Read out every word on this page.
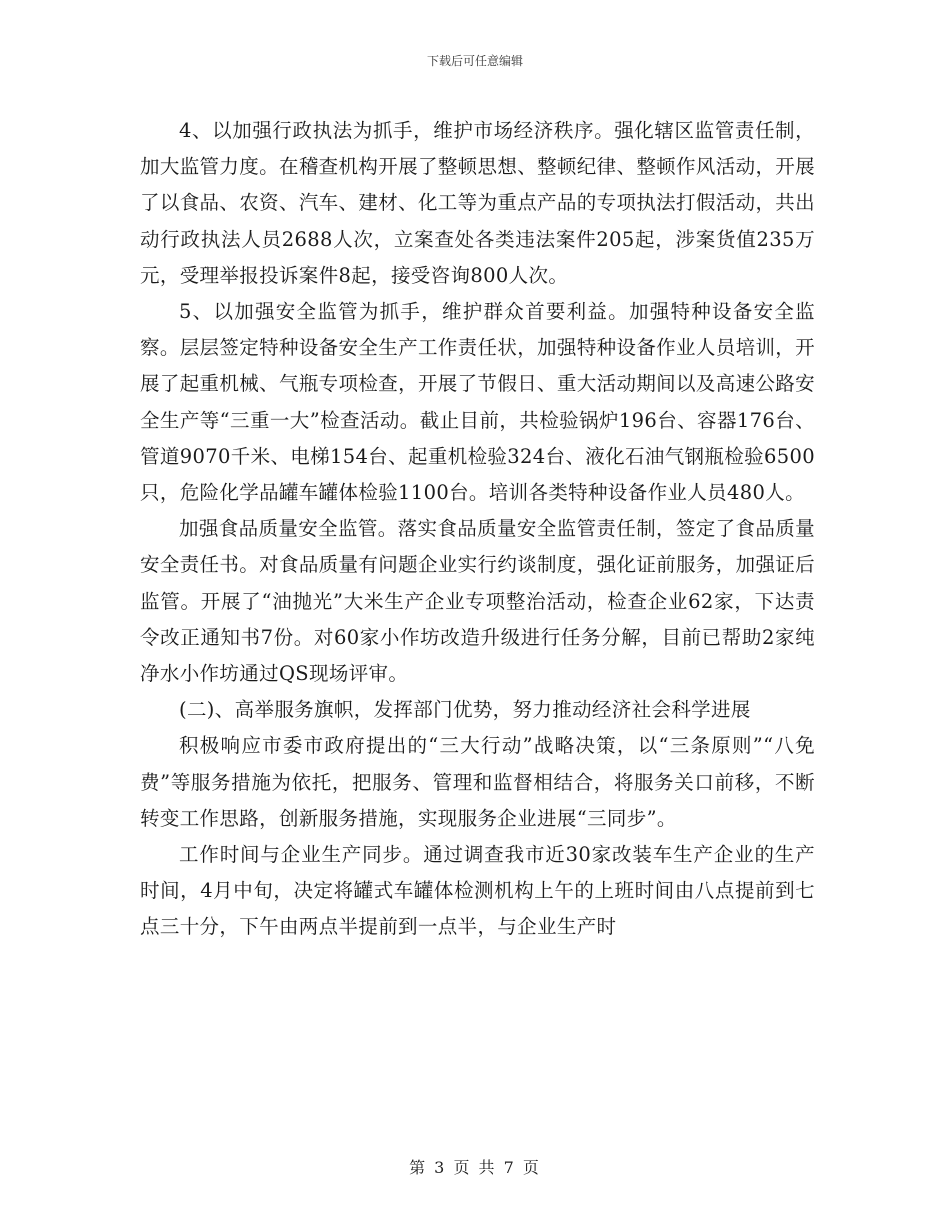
下载后可任意编辑

4、以加强行政执法为抓手，维护市场经济秩序。强化辖区监管责任制，加大监管力度。在稽查机构开展了整顿思想、整顿纪律、整顿作风活动，开展了以食品、农资、汽车、建材、化工等为重点产品的专项执法打假活动，共出动行政执法人员2688人次，立案查处各类违法案件205起，涉案货值235万元，受理举报投诉案件8起，接受咨询800人次。

5、以加强安全监管为抓手，维护群众首要利益。加强特种设备安全监察。层层签定特种设备安全生产工作责任状，加强特种设备作业人员培训，开展了起重机械、气瓶专项检查，开展了节假日、重大活动期间以及高速公路安全生产等“三重一大”检查活动。截止目前，共检验锅炉196台、容器176台、管道9070千米、电梯154台、起重机检验324台、液化石油气钢瓶检验6500只，危险化学品罐车罐体检验1100台。培训各类特种设备作业人员480人。

加强食品质量安全监管。落实食品质量安全监管责任制，签定了食品质量安全责任书。对食品质量有问题企业实行约谈制度，强化证前服务，加强证后监管。开展了“油抛光”大米生产企业专项整治活动，检查企业62家，下达责令改正通知书7份。对60家小作坊改造升级进行任务分解，目前已帮助2家纯净水小作坊通过QS现场评审。

(二)、高举服务旗帜，发挥部门优势，努力推动经济社会科学进展

积极响应市委市政府提出的“三大行动”战略决策，以“三条原则”“八免费”等服务措施为依托，把服务、管理和监督相结合，将服务关口前移，不断转变工作思路，创新服务措施，实现服务企业进展“三同步”。

工作时间与企业生产同步。通过调查我市近30家改装车生产企业的生产时间，4月中旬，决定将罐式车罐体检测机构上午的上班时间由八点提前到七点三十分，下午由两点半提前到一点半，与企业生产时

第 3 页 共 7 页
